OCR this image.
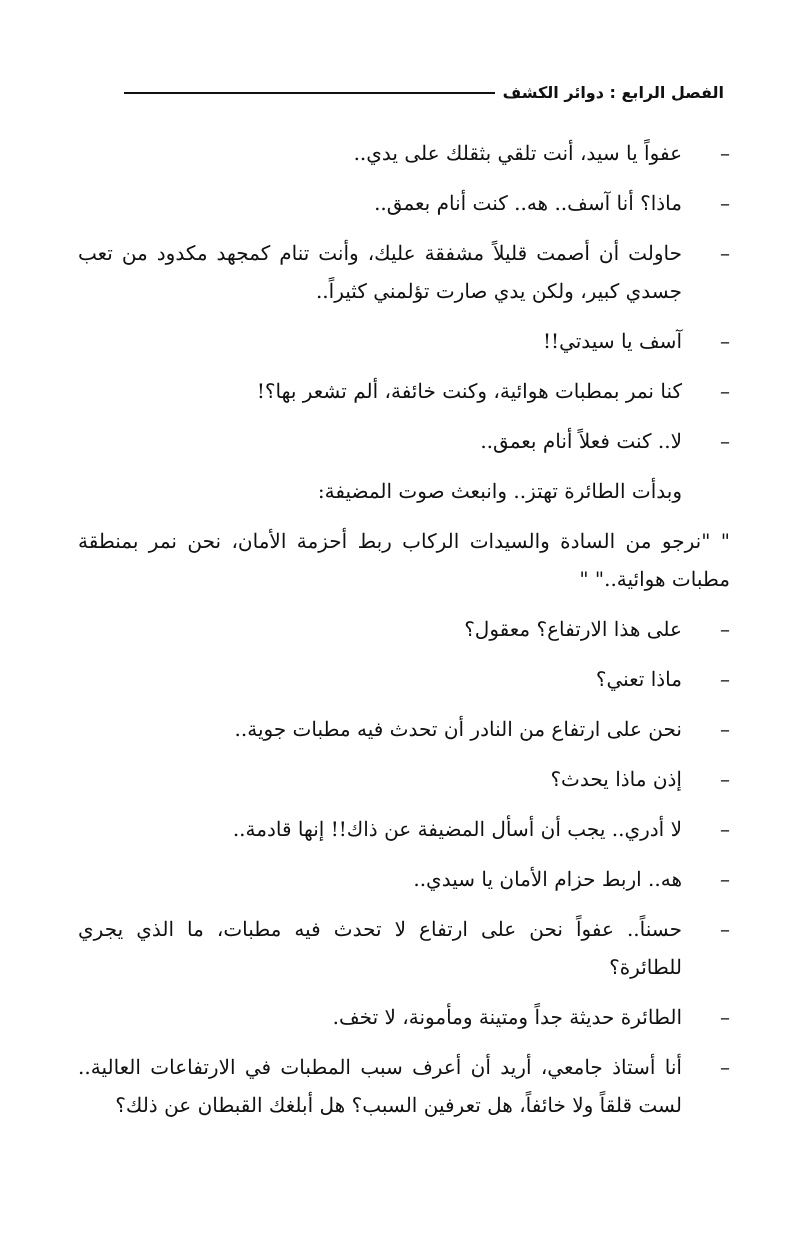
الفصل الرابع : دوائر الكشف

–
عفواً يا سيد، أنت تلقي بثقلك على يدي..

–
ماذا؟ أنا آسف.. هه.. كنت أنام بعمق..

–
حاولت أن أصمت قليلاً مشفقة عليك، وأنت تنام كمجهد مكدود من تعب جسدي كبير، ولكن يدي صارت تؤلمني كثيراً..

–
آسف يا سيدتي!!

–
كنا نمر بمطبات هوائية، وكنت خائفة، ألم تشعر بها؟!

–
لا.. كنت فعلاً أنام بعمق..

وبدأت الطائرة تهتز.. وانبعث صوت المضيفة:

" "نرجو من السادة والسيدات الركاب ربط أحزمة الأمان، نحن نمر بمنطقة مطبات هوائية.." "

–
على هذا الارتفاع؟ معقول؟

–
ماذا تعني؟

–
نحن على ارتفاع من النادر أن تحدث فيه مطبات جوية..

–
إذن ماذا يحدث؟

–
لا أدري.. يجب أن أسأل المضيفة عن ذاك!! إنها قادمة..

–
هه.. اربط حزام الأمان يا سيدي..

–
حسناً.. عفواً نحن على ارتفاع لا تحدث فيه مطبات، ما الذي يجري للطائرة؟

–
الطائرة حديثة جداً ومتينة ومأمونة، لا تخف.

–
أنا أستاذ جامعي، أريد أن أعرف سبب المطبات في الارتفاعات العالية.. لست قلقاً ولا خائفاً، هل تعرفين السبب؟ هل أبلغك القبطان عن ذلك؟
